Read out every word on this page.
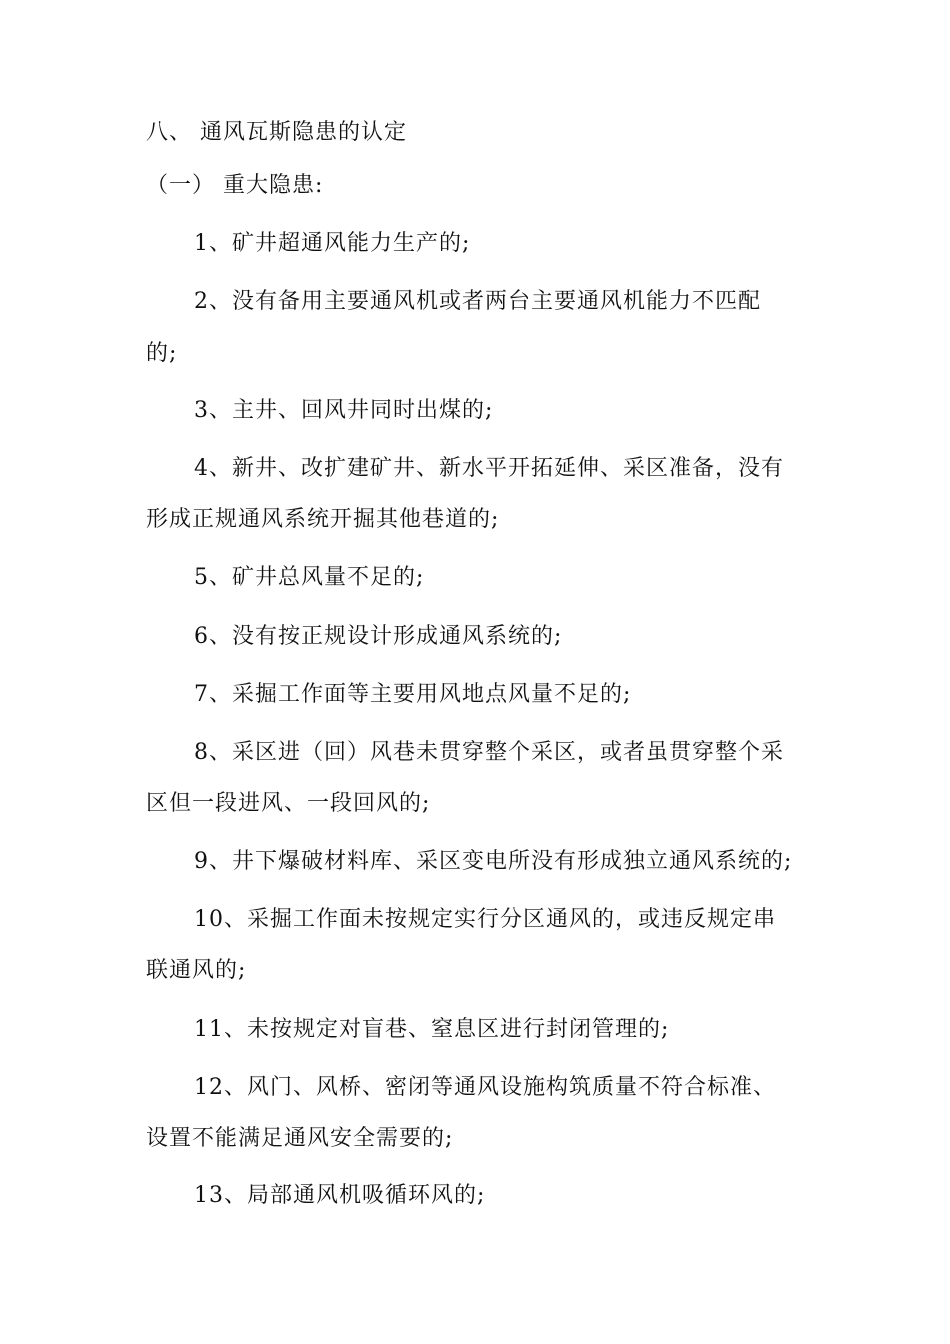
八、 通风瓦斯隐患的认定
（一） 重大隐患:
1、矿井超通风能力生产的;
2、没有备用主要通风机或者两台主要通风机能力不匹配
的;
3、主井、回风井同时出煤的;
4、新井、改扩建矿井、新水平开拓延伸、采区准备，没有
形成正规通风系统开掘其他巷道的;
5、矿井总风量不足的;
6、没有按正规设计形成通风系统的;
7、采掘工作面等主要用风地点风量不足的;
8、采区进（回）风巷未贯穿整个采区，或者虽贯穿整个采
区但一段进风、一段回风的;
9、井下爆破材料库、采区变电所没有形成独立通风系统的;
10、采掘工作面未按规定实行分区通风的，或违反规定串
联通风的;
11、未按规定对盲巷、窒息区进行封闭管理的;
12、风门、风桥、密闭等通风设施构筑质量不符合标准、
设置不能满足通风安全需要的;
13、局部通风机吸循环风的;
